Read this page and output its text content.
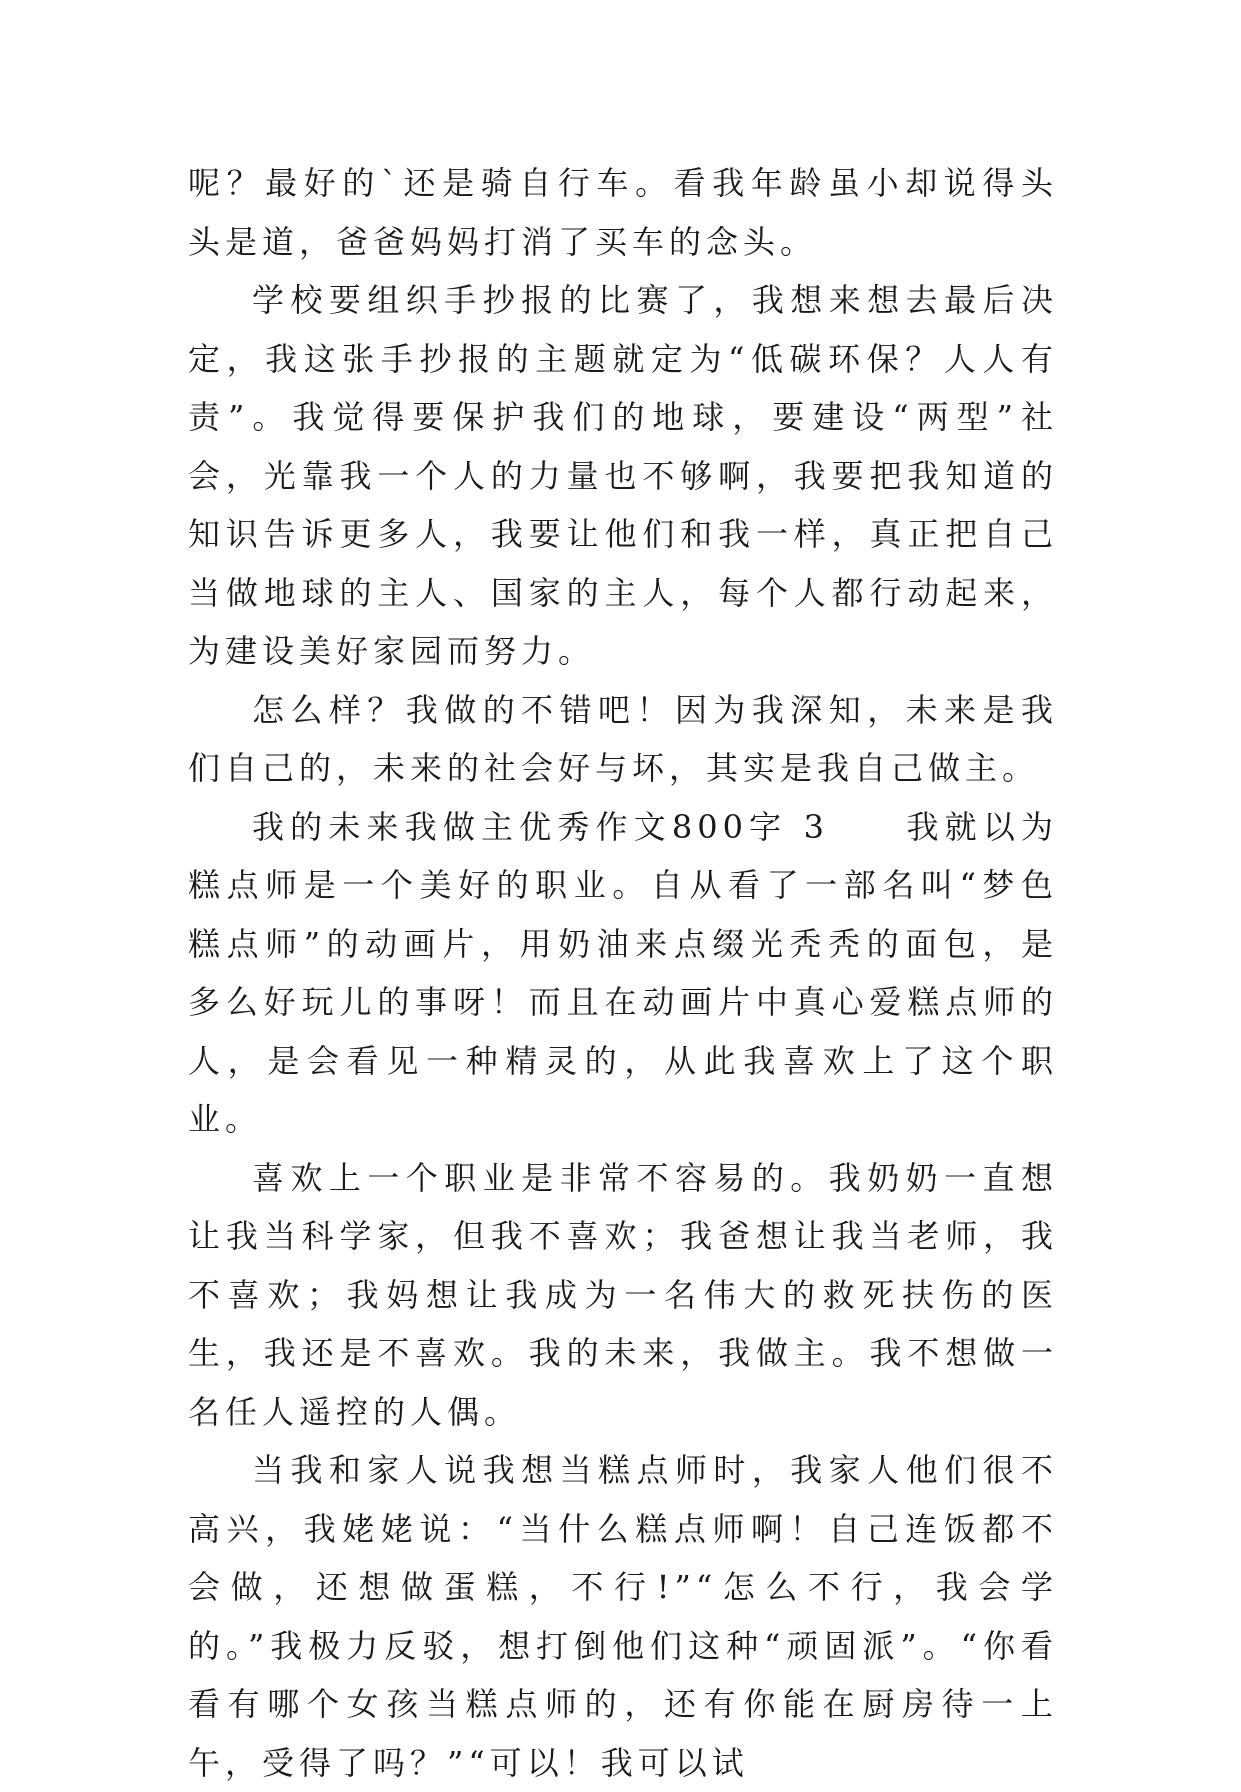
呢？最好的`还是骑自行车。看我年龄虽小却说得头头是道，爸爸妈妈打消了买车的念头。

学校要组织手抄报的比赛了，我想来想去最后决定，我这张手抄报的主题就定为“低碳环保？人人有责”。我觉得要保护我们的地球，要建设“两型”社会，光靠我一个人的力量也不够啊，我要把我知道的知识告诉更多人，我要让他们和我一样，真正把自己当做地球的主人、国家的主人，每个人都行动起来，为建设美好家园而努力。

怎么样？我做的不错吧！因为我深知，未来是我们自己的，未来的社会好与坏，其实是我自己做主。

我的未来我做主优秀作文800字 3　　我就以为糕点师是一个美好的职业。自从看了一部名叫“梦色糕点师”的动画片，用奶油来点缀光秃秃的面包，是多么好玩儿的事呀！而且在动画片中真心爱糕点师的人，是会看见一种精灵的，从此我喜欢上了这个职业。

喜欢上一个职业是非常不容易的。我奶奶一直想让我当科学家，但我不喜欢；我爸想让我当老师，我不喜欢；我妈想让我成为一名伟大的救死扶伤的医生，我还是不喜欢。我的未来，我做主。我不想做一名任人遥控的人偶。

当我和家人说我想当糕点师时，我家人他们很不高兴，我姥姥说：“当什么糕点师啊！自己连饭都不会做，还想做蛋糕，不行!”“怎么不行，我会学的。”我极力反驳，想打倒他们这种“顽固派”。“你看看有哪个女孩当糕点师的，还有你能在厨房待一上午，受得了吗？”“可以！我可以试
